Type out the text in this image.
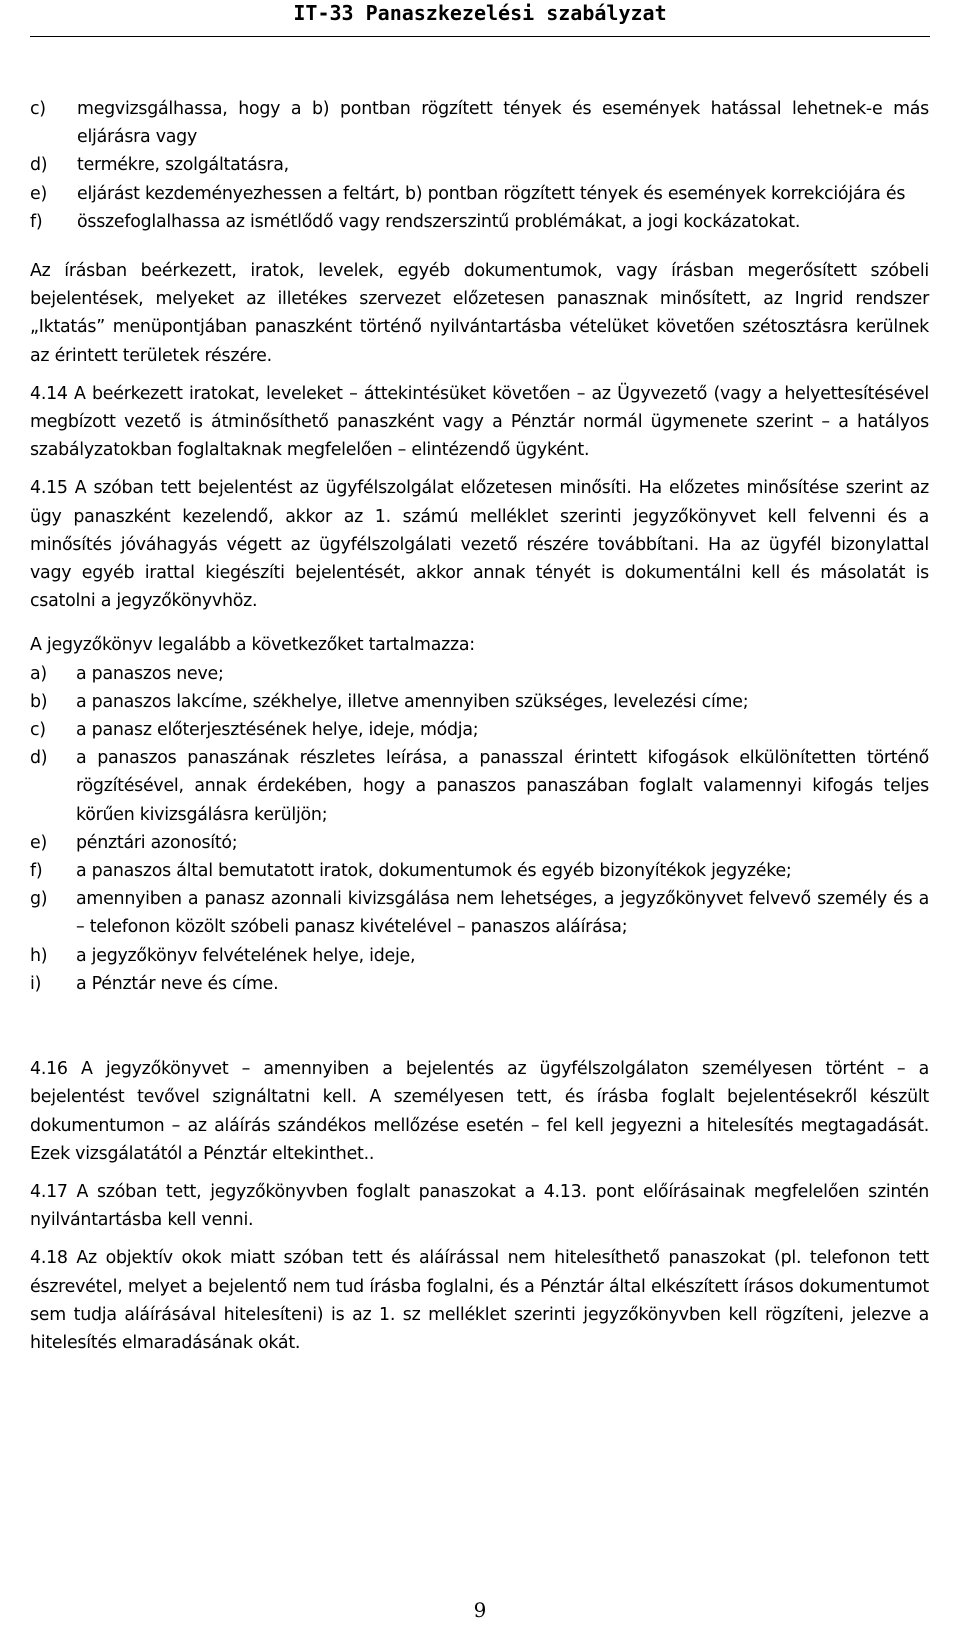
IT-33 Panaszkezelési szabályzat
c)	megvizsgálhassa, hogy a b) pontban rögzített tények és események hatással lehetnek-e más eljárásra vagy
d)	termékre, szolgáltatásra,
e)	eljárást kezdeményezhessen a feltárt, b) pontban rögzített tények és események korrekciójára és
f)	összefoglalhassa az ismétlődő vagy rendszerszintű problémákat, a jogi kockázatokat.

Az írásban beérkezett, iratok, levelek, egyéb dokumentumok, vagy írásban megerősített szóbeli bejelentések, melyeket az illetékes szervezet előzetesen panasznak minősített, az Ingrid rendszer „Iktatás” menüpontjában panaszként történő nyilvántartásba vételüket követően szétosztásra kerülnek az érintett területek részére.

4.14 A beérkezett iratokat, leveleket – áttekintésüket követően – az Ügyvezető (vagy a helyettesítésével megbízott vezető is átminősíthető panaszként vagy a Pénztár normál ügymenete szerint – a hatályos szabályzatokban foglaltaknak megfelelően – elintézendő ügyként.

4.15 A szóban tett bejelentést az ügyfélszolgálat előzetesen minősíti. Ha előzetes minősítése szerint az ügy panaszként kezelendő, akkor az 1. számú melléklet szerinti jegyzőkönyvet kell felvenni és a minősítés jóváhagyás végett az ügyfélszolgálati vezető részére továbbítani. Ha az ügyfél bizonylattal vagy egyéb irattal kiegészíti bejelentését, akkor annak tényét is dokumentálni kell és másolatát is csatolni a jegyzőkönyvhöz.

A jegyzőkönyv legalább a következőket tartalmazza:

a)	a panaszos neve;
b)	a panaszos lakcíme, székhelye, illetve amennyiben szükséges, levelezési címe;
c)	a panasz előterjesztésének helye, ideje, módja;
d)	a panaszos panaszának részletes leírása, a panasszal érintett kifogások elkülönítetten történő rögzítésével, annak érdekében, hogy a panaszos panaszában foglalt valamennyi kifogás teljes körűen kivizsgálásra kerüljön;
e)	pénztári azonosító;
f)	a panaszos által bemutatott iratok, dokumentumok és egyéb bizonyítékok jegyzéke;
g)	amennyiben a panasz azonnali kivizsgálása nem lehetséges, a jegyzőkönyvet felvevő személy és a – telefonon közölt szóbeli panasz kivételével – panaszos aláírása;
h)	a jegyzőkönyv felvételének helye, ideje,
i)	a Pénztár neve és címe.

4.16 A jegyzőkönyvet – amennyiben a bejelentés az ügyfélszolgálaton személyesen történt – a bejelentést tevővel szignáltatni kell. A személyesen tett, és írásba foglalt bejelentésekről készült dokumentumon – az aláírás szándékos mellőzése esetén – fel kell jegyezni a hitelesítés megtagadását. Ezek vizsgálatától a Pénztár eltekinthet..

4.17 A szóban tett, jegyzőkönyvben foglalt panaszokat a 4.13. pont előírásainak megfelelően szintén nyilvántartásba kell venni.

4.18 Az objektív okok miatt szóban tett és aláírással nem hitelesíthető panaszokat (pl. telefonon tett észrevétel, melyet a bejelentő nem tud írásba foglalni, és a Pénztár által elkészített írásos dokumentumot sem tudja aláírásával hitelesíteni) is az 1. sz melléklet szerinti jegyzőkönyvben kell rögzíteni, jelezve a hitelesítés elmaradásának okát.

9
